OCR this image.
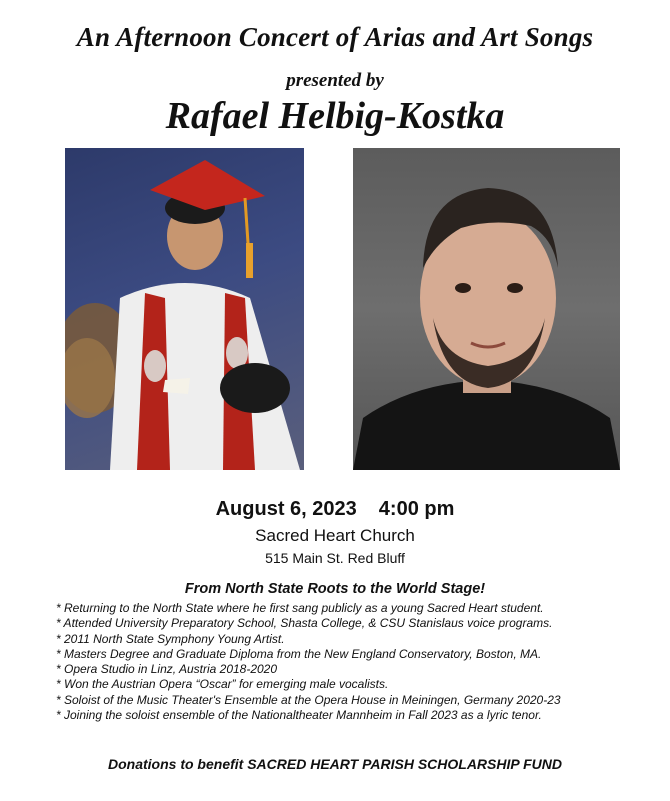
An Afternoon Concert of Arias and Art Songs
presented by
Rafael Helbig-Kostka
August 6, 2023 4:00 pm
Sacred Heart Church
515 Main St. Red Bluff
From North State Roots to the World Stage!
* Returning to the North State where he first sang publicly as a young Sacred Heart student.
* Attended University Preparatory School, Shasta College, & CSU Stanislaus voice programs.
* 2011 North State Symphony Young Artist.
* Masters Degree and Graduate Diploma from the New England Conservatory, Boston, MA.
* Opera Studio in Linz, Austria 2018-2020
* Won the Austrian Opera “Oscar” for emerging male vocalists.
* Soloist of the Music Theater's Ensemble at the Opera House in Meiningen, Germany 2020-23
* Joining the soloist ensemble of the Nationaltheater Mannheim in Fall 2023 as a lyric tenor.
Donations to benefit SACRED HEART PARISH SCHOLARSHIP FUND
